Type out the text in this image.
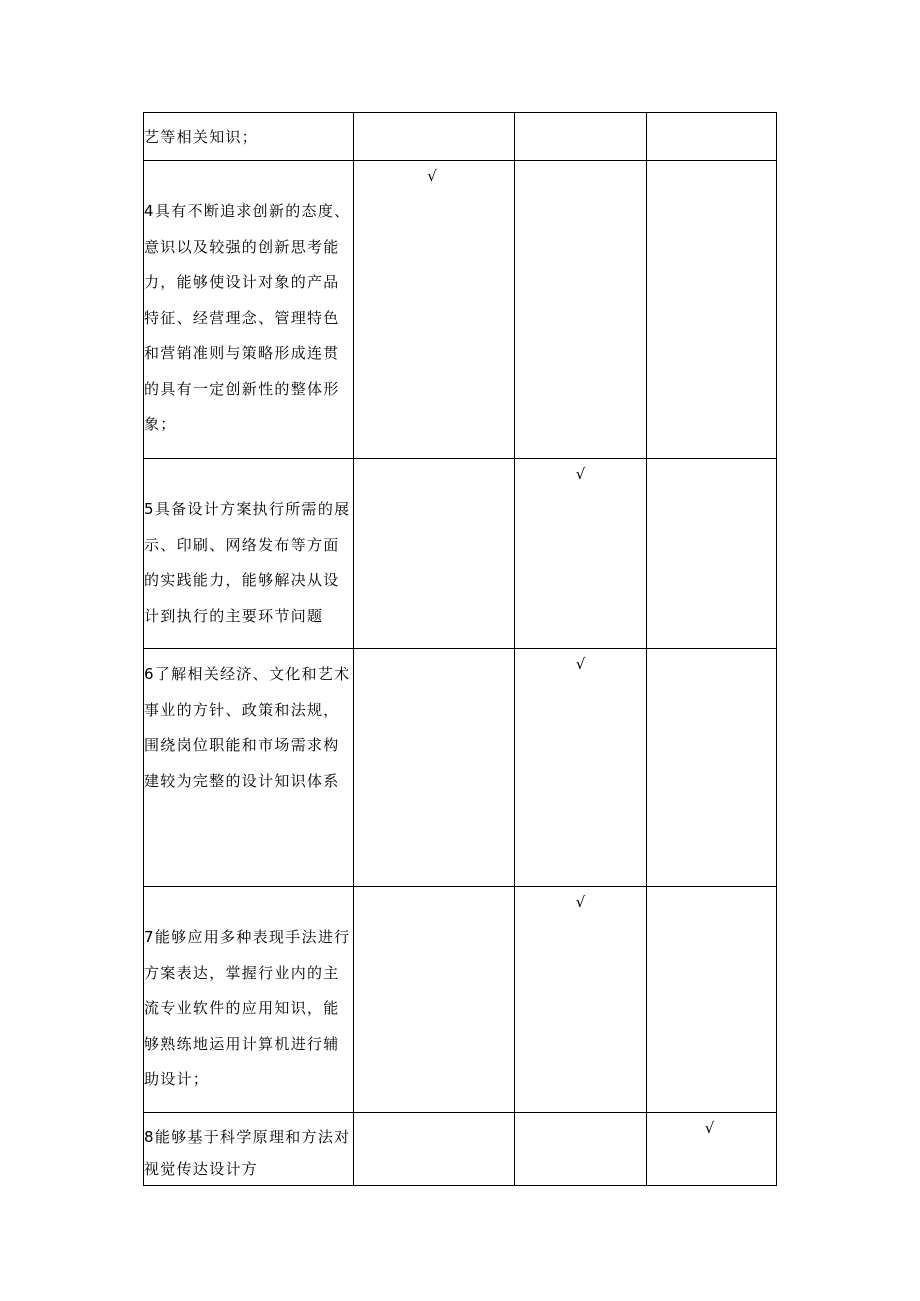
艺等相关知识；			

4具有不断追求创新的态度、意识以及较强的创新思考能力，能够使设计对象的产品特征、经营理念、管理特色和营销准则与策略形成连贯的具有一定创新性的整体形象；	√		

5具备设计方案执行所需的展示、印刷、网络发布等方面的实践能力，能够解决从设计到执行的主要环节问题		√	

6了解相关经济、文化和艺术事业的方针、政策和法规，围绕岗位职能和市场需求构建较为完整的设计知识体系		√	

7能够应用多种表现手法进行方案表达，掌握行业内的主流专业软件的应用知识，能够熟练地运用计算机进行辅助设计；		√	

8能够基于科学原理和方法对视觉传达设计方			√
